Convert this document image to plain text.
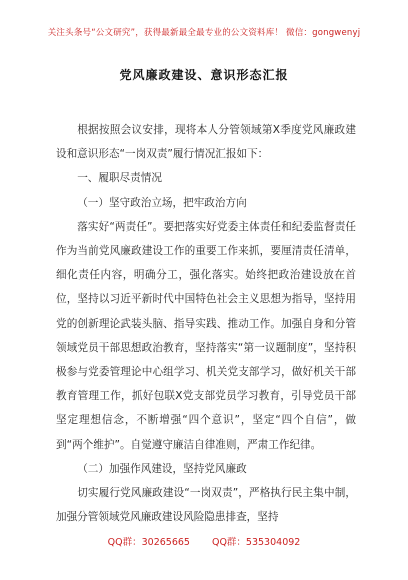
关注头条号“公文研究”，获得最新最全最专业的公文资料库！ 微信：gongwenyj
党风廉政建设、意识形态汇报

根据按照会议安排，现将本人分管领域第X季度党风廉政建设和意识形态“一岗双责”履行情况汇报如下：

一、履职尽责情况

（一）坚守政治立场，把牢政治方向

落实好“两责任”。要把落实好党委主体责任和纪委监督责任作为当前党风廉政建设工作的重要工作来抓，要厘清责任清单，细化责任内容，明确分工，强化落实。始终把政治建设放在首位，坚持以习近平新时代中国特色社会主义思想为指导，坚持用党的创新理论武装头脑、指导实践、推动工作。加强自身和分管领域党员干部思想政治教育，坚持落实“第一议题制度”，坚持积极参与党委管理论中心组学习、机关党支部学习，做好机关干部教育管理工作，抓好包联X党支部党员学习教育，引导党员干部坚定理想信念，不断增强“四个意识”，坚定“四个自信”，做到“两个维护”。自觉遵守廉洁自律准则，严肃工作纪律。

（二）加强作风建设，坚持党风廉政

切实履行党风廉政建设“一岗双责”，严格执行民主集中制，加强分管领域党风廉政建设风险隐患排查，坚持

QQ群：30265665 QQ群：535304092
